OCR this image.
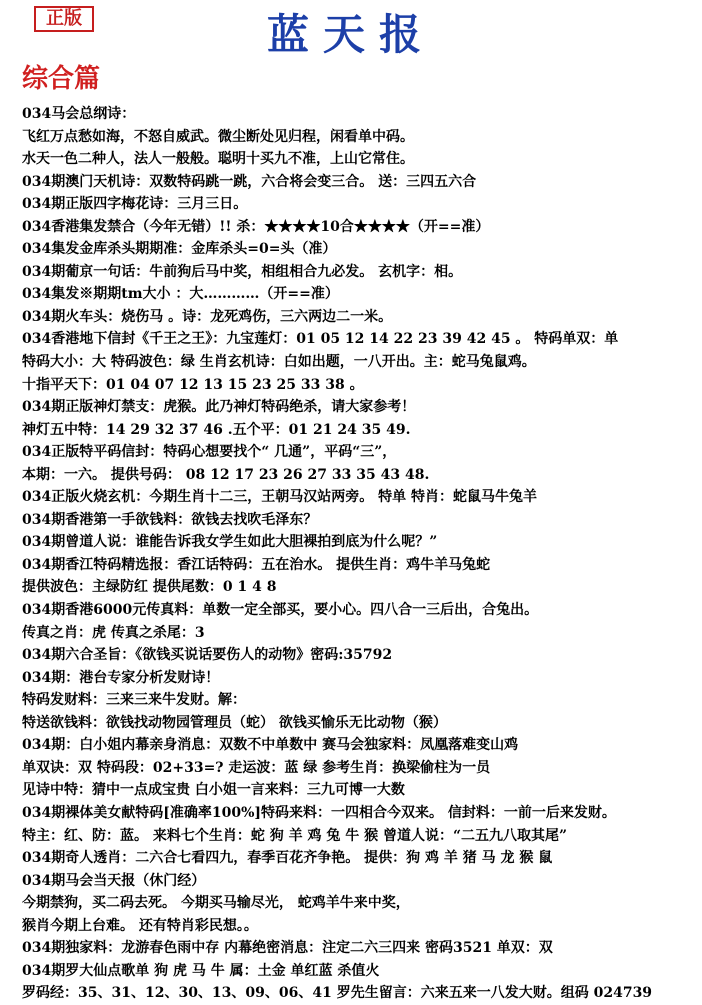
正版	蓝天报
综合篇
034马会总纲诗：
飞红万点愁如海，不怒自威武。微尘断处见归程，闲看单中码。
水天一色二种人，法人一般般。聪明十买九不准，上山它常住。
034期澳门天机诗：双数特码跳一跳，六合将会变三合。 送：三四五六合
034期正版四字梅花诗：三月三日。
034香港集发禁合（今年无错）!! 杀：★★★★10合★★★★（开==准）
034集发金库杀头期期准：金库杀头=0=头（准）
034期葡京一句话：牛前狗后马中奖，相组相合九必发。 玄机字：相。
034集发※期期tm大小 ：大…………（开==准）
034期火车头：烧伤马 。诗：龙死鸡伤，三六两边二一米。
034香港地下信封《千王之王》：九宝莲灯：01 05 12 14 22 23 39 42 45 。 特码单双：单
特码大小：大 特码波色：绿 生肖玄机诗：白如出题，一八开出。主：蛇马兔鼠鸡。
十指平天下：01 04 07 12 13 15 23 25 33 38 。
034期正版神灯禁支：虎猴。此乃神灯特码绝杀，请大家参考！
神灯五中特：14 29 32 37 46 .五个平：01 21 24 35 49.
034正版特平码信封：特码心想要找个“ 几通”，平码“三”，
本期：一六。 提供号码： 08 12 17 23 26 27 33 35 43 48.
034正版火烧玄机：今期生肖十二三，王朝马汉站两旁。 特单 特肖：蛇鼠马牛兔羊
034期香港第一手欲钱料：欲钱去找吹毛泽东？
034期曾道人说：谁能告诉我女学生如此大胆裸拍到底为什么呢？”
034期香江特码精选报：香江话特码：五在治水。 提供生肖：鸡牛羊马兔蛇
提供波色：主绿防红 提供尾数：0 1 4 8
034期香港6000元传真料：单数一定全部买，要小心。四八合一三后出，合兔出。
传真之肖：虎 传真之杀尾：3
034期六合圣旨：《欲钱买说话要伤人的动物》密码:35792
034期：港台专家分析发财诗！
特码发财料：三来三来牛发财。解：
特送欲钱料：欲钱找动物园管理员（蛇） 欲钱买愉乐无比动物（猴）
034期：白小姐内幕亲身消息：双数不中单数中 赛马会独家料：凤凰落难变山鸡
单双诀：双 特码段：02+33=? 走运波：蓝 绿 参考生肖：换梁偷柱为一员
见诗中特：猜中一点成宝贵 白小姐一言来料：三九可博一大数
034期裸体美女献特码[准确率100%]特码来料：一四相合今双来。 信封料：一前一后来发财。
特主：红、防：蓝。 来料七个生肖：蛇 狗 羊 鸡 兔 牛 猴 曾道人说：“二五九八取其尾”
034期奇人透肖：二六合七看四九，春季百花齐争艳。 提供：狗 鸡 羊 猪 马 龙 猴 鼠
034期马会当天报（休门经）
今期禁狗，买二码去死。 今期买马输尽光， 蛇鸡羊牛来中奖，
猴肖今期上台难。 还有特肖彩民想。。
034期独家料：龙游春色雨中存 内幕绝密消息：注定二六三四来 密码3521 单双：双
034期罗大仙点歌单 狗 虎 马 牛 属：土金 单红蓝 杀值火
罗码经：35、31、12、30、13、09、06、41 罗先生留言：六来五来一八发大财。组码 024739
